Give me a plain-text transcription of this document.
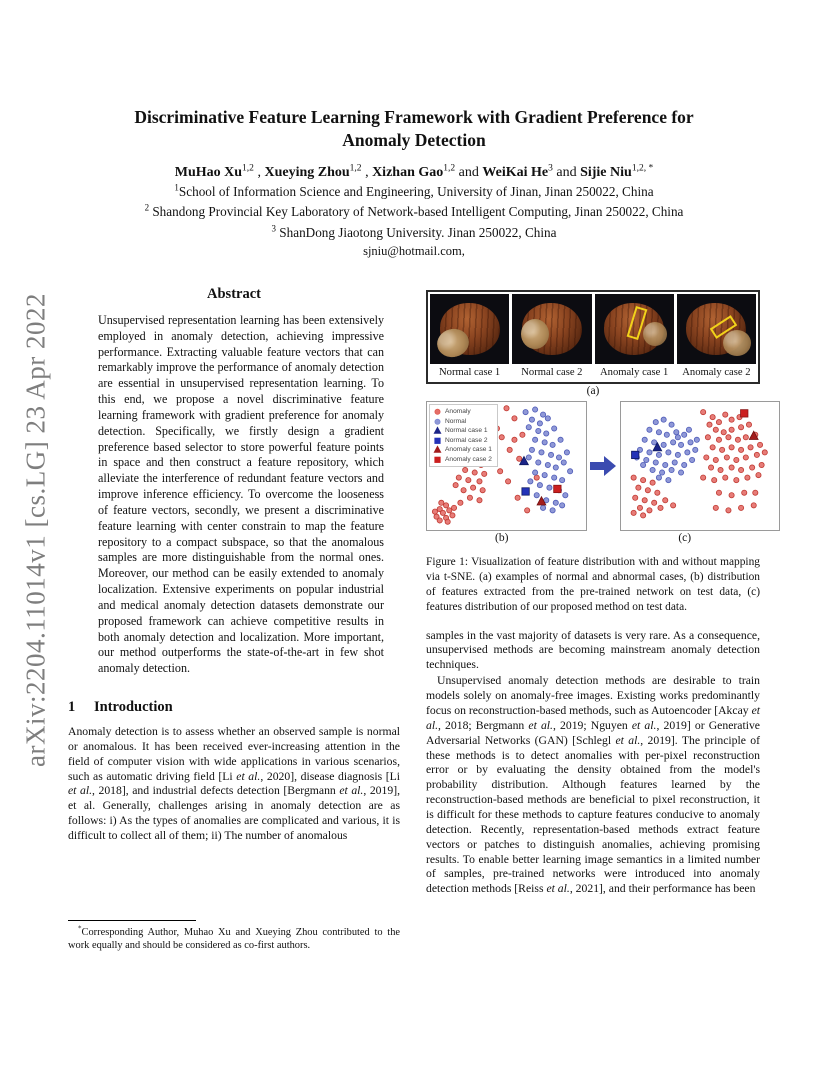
arXiv:2204.11014v1 [cs.LG] 23 Apr 2022
Discriminative Feature Learning Framework with Gradient Preference for Anomaly Detection
MuHao Xu$^{1,2}$ , Xueying Zhou$^{1,2}$ , Xizhan Gao$^{1,2}$ and WeiKai He$^3$ and Sijie Niu$^{1,2, *}$
$^1$School of Information Science and Engineering, University of Jinan, Jinan 250022, China
$^2$ Shandong Provincial Key Laboratory of Network-based Intelligent Computing, Jinan 250022, China
$^3$ ShanDong Jiaotong University. Jinan 250022, China
sjniu@hotmail.com,
Abstract
Unsupervised representation learning has been extensively employed in anomaly detection, achieving impressive performance. Extracting valuable feature vectors that can remarkably improve the performance of anomaly detection are essential in unsupervised representation learning. To this end, we propose a novel discriminative feature learning framework with gradient preference for anomaly detection. Specifically, we firstly design a gradient preference based selector to store powerful feature points in space and then construct a feature repository, which alleviate the interference of redundant feature vectors and improve inference efficiency. To overcome the looseness of feature vectors, secondly, we present a discriminative feature learning with center constrain to map the feature repository to a compact subspace, so that the anomalous samples are more distinguishable from the normal ones. Moreover, our method can be easily extended to anomaly localization. Extensive experiments on popular industrial and medical anomaly detection datasets demonstrate our proposed framework can achieve competitive results in both anomaly detection and localization. More important, our method outperforms the state-of-the-art in few shot anomaly detection.
1 Introduction

Anomaly detection is to assess whether an observed sample is normal or anomalous. It has been received ever-increasing attention in the field of computer vision with wide applications in various scenarios, such as automatic driving field [Li et al., 2020], disease diagnosis [Li et al., 2018], and industrial defects detection [Bergmann et al., 2019], et al. Generally, challenges arising in anomaly detection are as follows: i) As the types of anomalies are complicated and various, it is difficult to collect all of them; ii) The number of anomalous

*Corresponding Author, Muhao Xu and Xueying Zhou contributed to the work equally and should be considered as co-first authors.
Normal case 1	Normal case 2	Anomaly case 1	Anomaly case 2
(a)
Anomaly
Normal
Normal case 1
Normal case 2
Anomaly case 1
Anomaly case 2
(b)	(c)
Figure 1: Visualization of feature distribution with and without mapping via t-SNE. (a) examples of normal and abnormal cases, (b) distribution of features extracted from the pre-trained network on test data, (c) features distribution of our proposed method on test data.

samples in the vast majority of datasets is very rare. As a consequence, unsupervised methods are becoming mainstream anomaly detection techniques.

Unsupervised anomaly detection methods are desirable to train models solely on anomaly-free images. Existing works predominantly focus on reconstruction-based methods, such as Autoencoder [Akcay et al., 2018; Bergmann et al., 2019; Nguyen et al., 2019] or Generative Adversarial Networks (GAN) [Schlegl et al., 2019]. The principle of these methods is to detect anomalies with per-pixel reconstruction error or by evaluating the density obtained from the model's probability distribution. Although features learned by the reconstruction-based methods are beneficial to pixel reconstruction, it is difficult for these methods to capture features conducive to anomaly detection. Recently, representation-based methods extract feature vectors or patches to distinguish anomalies, achieving promising results. To enable better learning image semantics in a limited number of samples, pre-trained networks were introduced into anomaly detection methods [Reiss et al., 2021], and their performance has been
